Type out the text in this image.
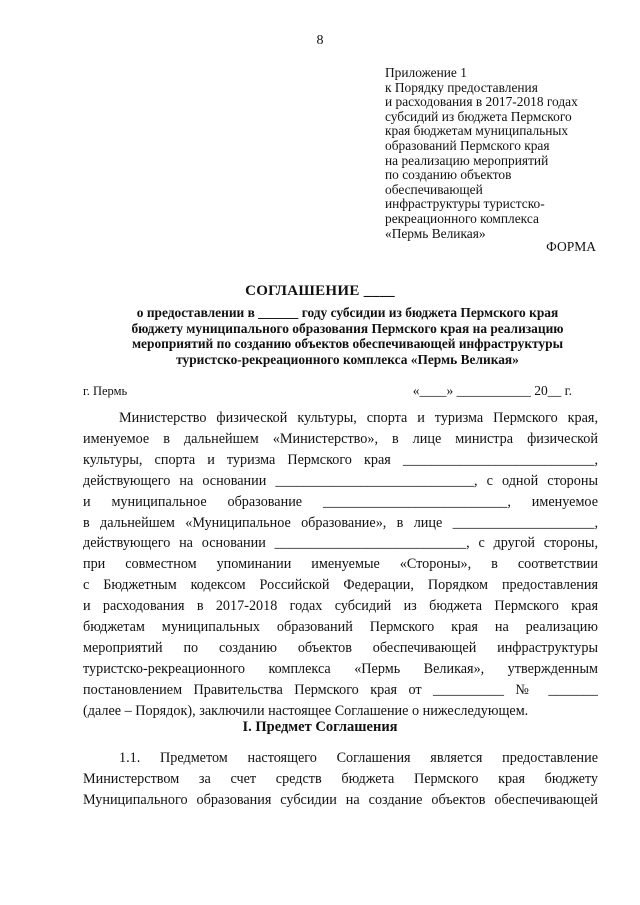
8
Приложение 1
к Порядку предоставления
и расходования в 2017-2018 годах
субсидий из бюджета Пермского
края бюджетам муниципальных
образований Пермского края
на реализацию мероприятий
по созданию объектов
обеспечивающей
инфраструктуры туристско-
рекреационного комплекса
«Пермь Великая»
ФОРМА
СОГЛАШЕНИЕ ____
о предоставлении в ______ году субсидии из бюджета Пермского края
бюджету муниципального образования Пермского края на реализацию
мероприятий по созданию объектов обеспечивающей инфраструктуры
туристско-рекреационного комплекса «Пермь Великая»
г. Пермь	«____» ___________ 20__ г.
Министерство физической культуры, спорта и туризма Пермского края,
именуемое в дальнейшем «Министерство», в лице министра физической
культуры, спорта и туризма Пермского края ___________________________,
действующего на основании ____________________________, с одной стороны
и муниципальное образование __________________________, именуемое
в дальнейшем «Муниципальное образование», в лице ____________________,
действующего на основании ___________________________, с другой стороны,
при совместном упоминании именуемые «Стороны», в соответствии
с Бюджетным кодексом Российской Федерации, Порядком предоставления
и расходования в 2017-2018 годах субсидий из бюджета Пермского края
бюджетам муниципальных образований Пермского края на реализацию
мероприятий по созданию объектов обеспечивающей инфраструктуры
туристско-рекреационного комплекса «Пермь Великая», утвержденным
постановлением Правительства Пермского края от __________ № _______
(далее – Порядок), заключили настоящее Соглашение о нижеследующем.
I. Предмет Соглашения
1.1. Предметом настоящего Соглашения является предоставление
Министерством за счет средств бюджета Пермского края бюджету
Муниципального образования субсидии на создание объектов обеспечивающей
